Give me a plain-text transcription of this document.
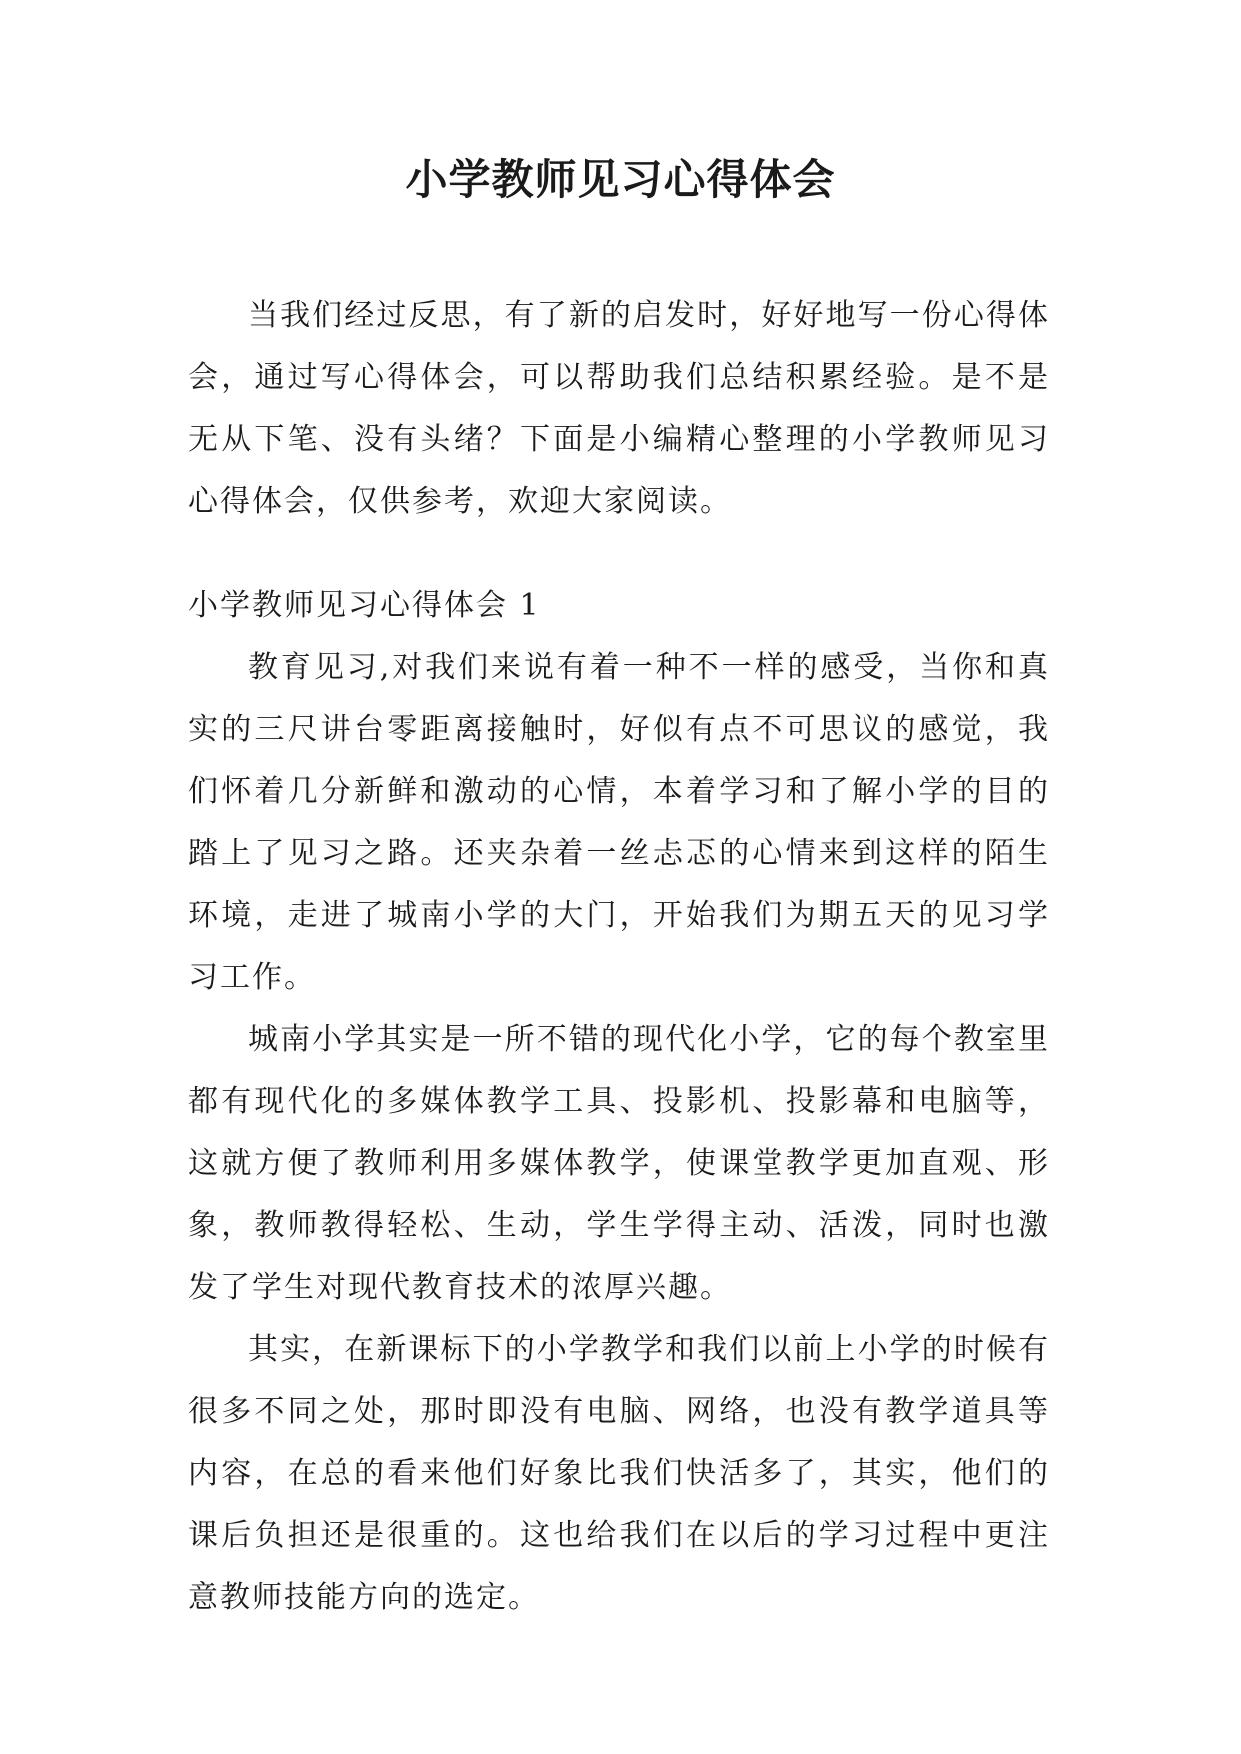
小学教师见习心得体会

当我们经过反思，有了新的启发时，好好地写一份心得体会，通过写心得体会，可以帮助我们总结积累经验。是不是无从下笔、没有头绪？下面是小编精心整理的小学教师见习心得体会，仅供参考，欢迎大家阅读。

小学教师见习心得体会 1

教育见习,对我们来说有着一种不一样的感受，当你和真实的三尺讲台零距离接触时，好似有点不可思议的感觉，我们怀着几分新鲜和激动的心情，本着学习和了解小学的目的踏上了见习之路。还夹杂着一丝忐忑的心情来到这样的陌生环境，走进了城南小学的大门，开始我们为期五天的见习学习工作。

城南小学其实是一所不错的现代化小学，它的每个教室里都有现代化的多媒体教学工具、投影机、投影幕和电脑等，这就方便了教师利用多媒体教学，使课堂教学更加直观、形象，教师教得轻松、生动，学生学得主动、活泼，同时也激发了学生对现代教育技术的浓厚兴趣。

其实，在新课标下的小学教学和我们以前上小学的时候有很多不同之处，那时即没有电脑、网络，也没有教学道具等内容，在总的看来他们好象比我们快活多了，其实，他们的课后负担还是很重的。这也给我们在以后的学习过程中更注意教师技能方向的选定。
